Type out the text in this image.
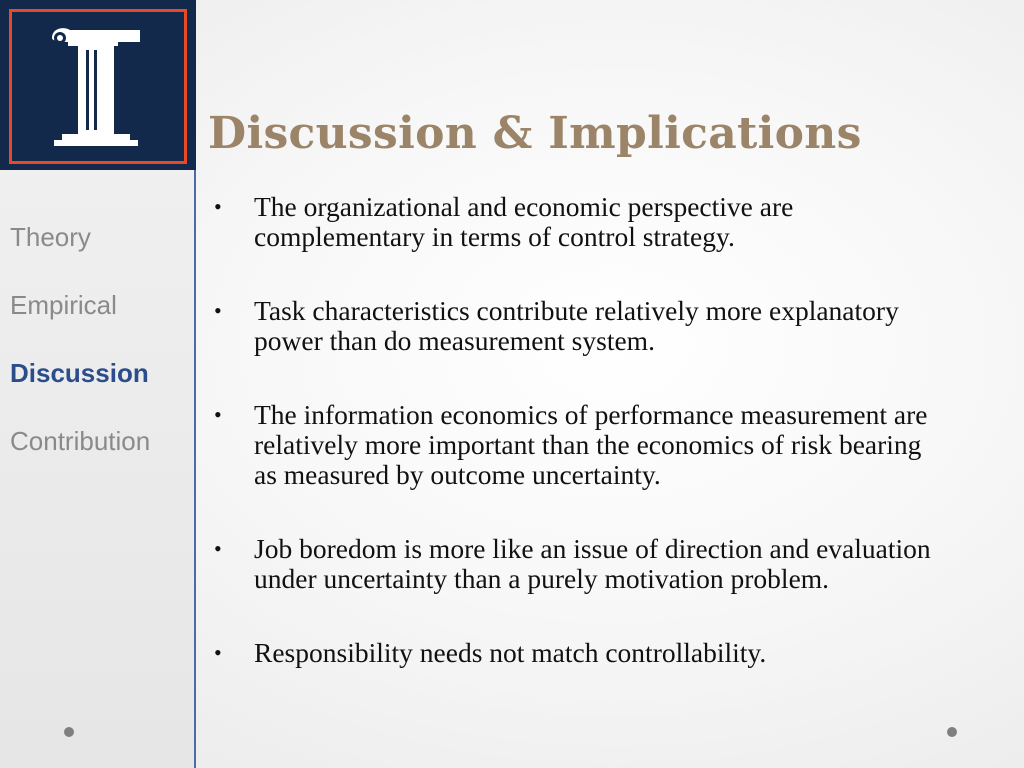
Theory
Empirical
Discussion
Contribution
Discussion & Implications
• The organizational and economic perspective are complementary in terms of control strategy.
• Task characteristics contribute relatively more explanatory power than do measurement system.
• The information economics of performance measurement are relatively more important than the economics of risk bearing as measured by outcome uncertainty.
• Job boredom is more like an issue of direction and evaluation under uncertainty than a purely motivation problem.
• Responsibility needs not match controllability.
